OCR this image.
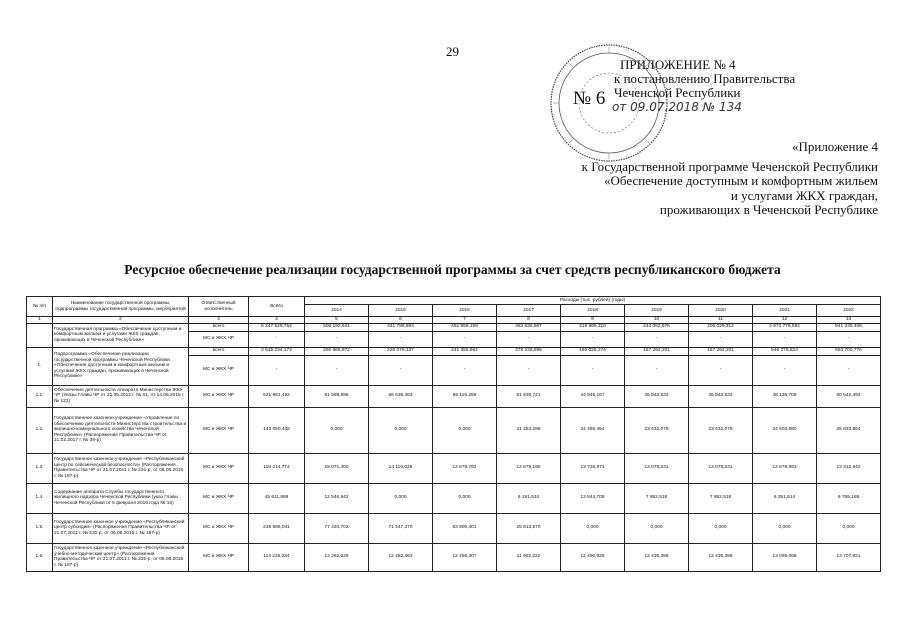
29
№ 6
ПРИЛОЖЕНИЕ № 4
к постановлению Правительства
Чеченской Республики
от 09.07.2018 № 134
«Приложение 4
к Государственной программе Чеченской Республики
«Обеспечение доступным и комфортным жильем
и услугами ЖКХ граждан,
проживающих в Чеченской Республике
Ресурсное обеспечение реализации государственной программы за счет средств республиканского бюджета
№ п/п	Наименование государственной программы, подпрограммы государственной программы, мероприятий	Ответственный исполнитель	Всего	Расходы (тыс. рублей) (годы)								
				2014	2015	2016	2017	2018	2019	2020	2021	2022
1	2	3	4	5	6	7	8	9	10	11	12	13
	Государственная программа «Обеспечение доступным и комфортным жильем и услугами ЖКХ граждан, проживающих в Чеченской Республике»	всего	6 247 529,754	506 192,641	341 798,893	451 856,159	383 635,867	319 889,310	244 082,675	206 029,312	2 972 779,594	941 235,406
		МС и ЖКХ ЧР	-	-	-	-	-	-	-	-	-	-
1.	Подпрограмма «Обеспечение реализации государственной программы Чеченской Республики «Обеспечение доступным и комфортным жильем и услугами ЖКХ граждан, проживающих в Чеченской Республике»	всего	2 515 234,173	290 966,872	226 079,137	241 355,564	378 239,895	165 028,274	157 293,201	157 293,201	546 278,823	553 700,776
		МС и ЖКХ ЧР	-	-	-	-	-	-	-	-	-	-
1.1.	Обеспечение деятельности Аппарата Министерства ЖКХ ЧР (Указы Главы ЧР от 21.05.2012 г. № 61, от 14.06.2015 г. № 122)	МС и ЖКХ ЧР	521 981,492	81 599,596	66 535,463	86 116,259	51 939,741	44 945,167	45 843,532	45 843,532	48 135,709	50 542,494
1.2.	Государственное казенное учреждение «Управление по обеспечению деятельности Министерства строительства и жилищно-коммунального хозяйства Чеченской Республики» (Распоряжение Правительства ЧР от 21.02.2017 г. № 39-р)	МС и ЖКХ ЧР	143 050,446	0,000	0,000	0,000	21 283,296	24 465,454	23 432,076	23 432,076	24 603,680	25 833,864
1.3.	Государственное казенное учреждение «Республиканский центр по сейсмической безопасности» (Распоряжения Правительства ЧР от 21.07.2011 г. № 231-р, от 06.08.2015 г. № 187-р)	МС и ЖКХ ЧР	118 414,774	15 071,400	14 116,029	12 678,782	12 679,195	13 726,971	12 075,231	12 075,231	12 678,993	13 312,942
1.4.	Содержание аппарата Службы государственного жилищного надзора Чеченской Республики (указ Главы Чеченской Республики от 5 февраля 2016 года № 15)	МС и ЖКХ ЧР	45 611,869	12 546,942	0,000	0,000	6 191,534	13 844,708	7 952,918	7 952,918	8 351,614	8 769,195
1.5.	Государственное казенное учреждение «Республиканский центр субсидий» (Распоряжения Правительства ЧР от 21.07.2011 г. № 231-р, от 06.08.2015 г. № 187-р)	МС и ЖКХ ЧР	238 596,041	77 434,702	71 447,370	63 900,401	25 813,570	0,000	0,000	0,000	0,000	0,000
1.6.	Государственное казенное учреждение «Республиканский учебно-методический центр» (Распоряжения Правительства ЧР от 21.07.2011 г. № 231-р, от 06.08.2015 г. № 187-р)	МС и ЖКХ ЧР	114 226,234	13 262,629	12 482,463	12 458,307	11 902,222	12 490,928	12 435,398	12 435,398	13 055,068	13 707,821
